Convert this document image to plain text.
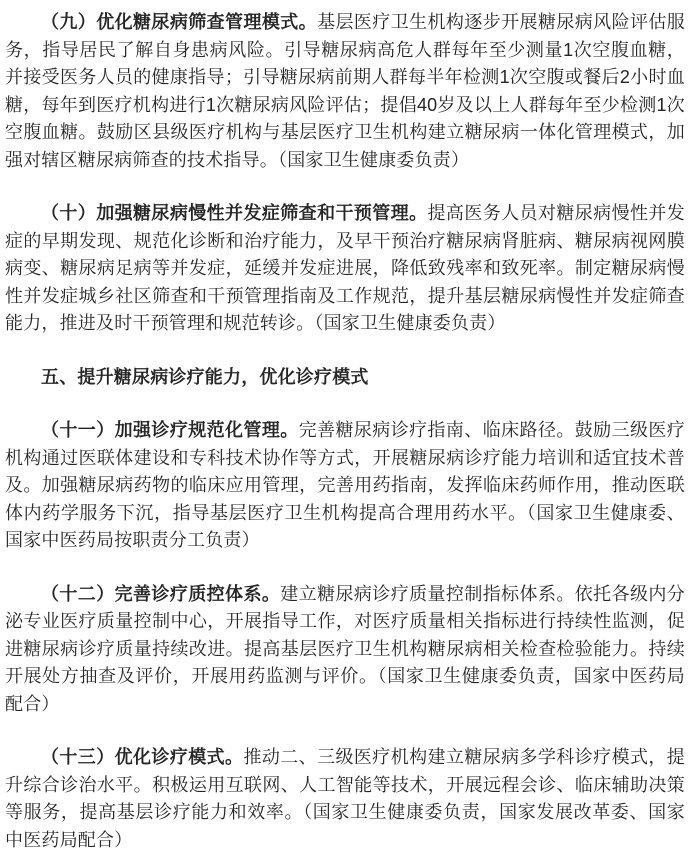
（九）优化糖尿病筛查管理模式。基层医疗卫生机构逐步开展糖尿病风险评估服务，指导居民了解自身患病风险。引导糖尿病高危人群每年至少测量1次空腹血糖，并接受医务人员的健康指导；引导糖尿病前期人群每半年检测1次空腹或餐后2小时血糖，每年到医疗机构进行1次糖尿病风险评估；提倡40岁及以上人群每年至少检测1次空腹血糖。鼓励区县级医疗机构与基层医疗卫生机构建立糖尿病一体化管理模式，加强对辖区糖尿病筛查的技术指导。（国家卫生健康委负责）

（十）加强糖尿病慢性并发症筛查和干预管理。提高医务人员对糖尿病慢性并发症的早期发现、规范化诊断和治疗能力，及早干预治疗糖尿病肾脏病、糖尿病视网膜病变、糖尿病足病等并发症，延缓并发症进展，降低致残率和致死率。制定糖尿病慢性并发症城乡社区筛查和干预管理指南及工作规范，提升基层糖尿病慢性并发症筛查能力，推进及时干预管理和规范转诊。（国家卫生健康委负责）

五、提升糖尿病诊疗能力，优化诊疗模式

（十一）加强诊疗规范化管理。完善糖尿病诊疗指南、临床路径。鼓励三级医疗机构通过医联体建设和专科技术协作等方式，开展糖尿病诊疗能力培训和适宜技术普及。加强糖尿病药物的临床应用管理，完善用药指南，发挥临床药师作用，推动医联体内药学服务下沉，指导基层医疗卫生机构提高合理用药水平。（国家卫生健康委、国家中医药局按职责分工负责）

（十二）完善诊疗质控体系。建立糖尿病诊疗质量控制指标体系。依托各级内分泌专业医疗质量控制中心，开展指导工作，对医疗质量相关指标进行持续性监测，促进糖尿病诊疗质量持续改进。提高基层医疗卫生机构糖尿病相关检查检验能力。持续开展处方抽查及评价，开展用药监测与评价。（国家卫生健康委负责，国家中医药局配合）

（十三）优化诊疗模式。推动二、三级医疗机构建立糖尿病多学科诊疗模式，提升综合诊治水平。积极运用互联网、人工智能等技术，开展远程会诊、临床辅助决策等服务，提高基层诊疗能力和效率。（国家卫生健康委负责，国家发展改革委、国家中医药局配合）
